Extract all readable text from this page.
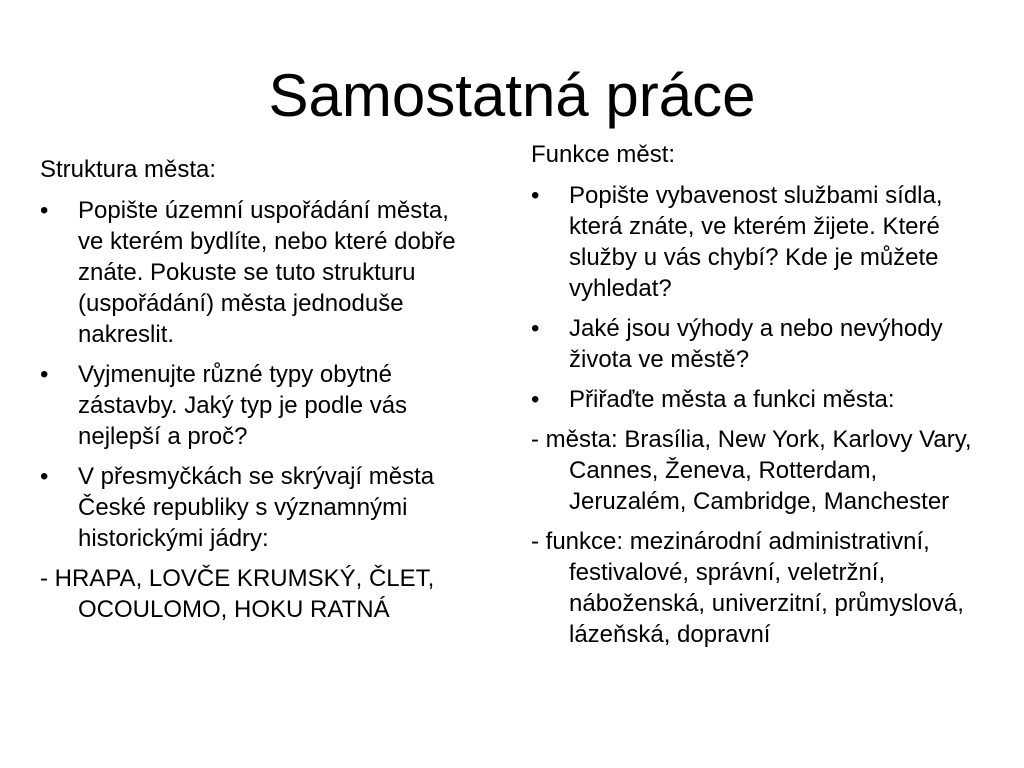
Samostatná práce
Struktura města:
•	Popište územní uspořádání města, ve kterém bydlíte, nebo které dobře znáte. Pokuste se tuto strukturu (uspořádání) města jednoduše nakreslit.
•	Vyjmenujte různé typy obytné zástavby. Jaký typ je podle vás nejlepší a proč?
•	V přesmyčkách se skrývají města České republiky s významnými historickými jádry:

- HRAPA, LOVČE KRUMSKÝ, ČLET, OCOULOMO, HOKU RATNÁ

Funkce měst:
•	Popište vybavenost službami sídla, která znáte, ve kterém žijete. Které služby u vás chybí? Kde je můžete vyhledat?
•	Jaké jsou výhody a nebo nevýhody života ve městě?
•	Přiřaďte města a funkci města:

- města: Brasília, New York, Karlovy Vary, Cannes, Ženeva, Rotterdam, Jeruzalém, Cambridge, Manchester

- funkce: mezinárodní administrativní, festivalové, správní, veletržní, náboženská, univerzitní, průmyslová, lázeňská, dopravní
